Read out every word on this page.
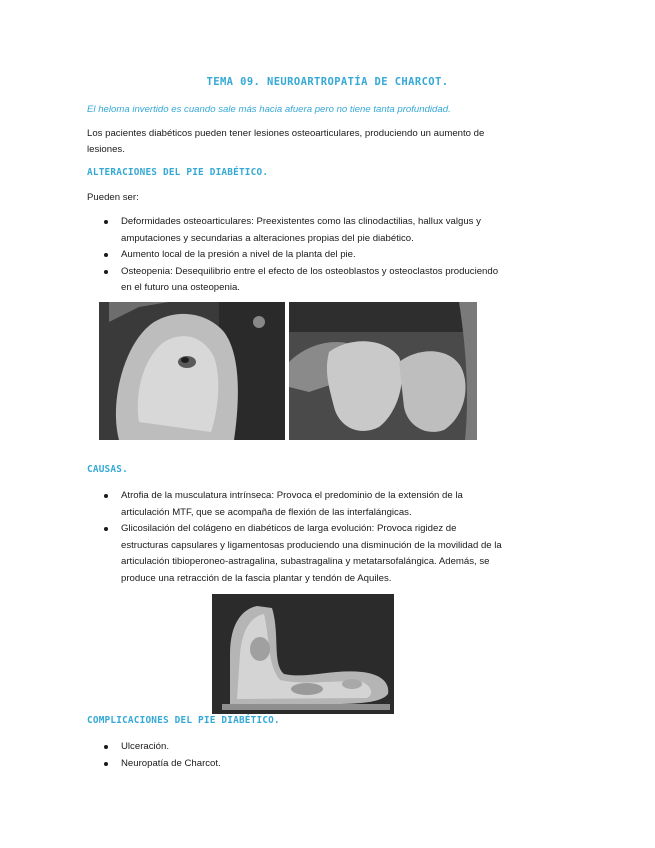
TEMA 09. NEUROARTROPATÍA DE CHARCOT.

El heloma invertido es cuando sale más hacia afuera pero no tiene tanta profundidad.

Los pacientes diabéticos pueden tener lesiones osteoarticulares, produciendo un aumento de lesiones.

ALTERACIONES DEL PIE DIABÉTICO.

Pueden ser:

Deformidades osteoarticulares: Preexistentes como las clinodactilias, hallux valgus y amputaciones y secundarias a alteraciones propias del pie diabético.
Aumento local de la presión a nivel de la planta del pie.
Osteopenia: Desequilibrio entre el efecto de los osteoblastos y osteoclastos produciendo en el futuro una osteopenia.
CAUSAS.
Atrofia de la musculatura intrínseca: Provoca el predominio de la extensión de la articulación MTF, que se acompaña de flexión de las interfalángicas.
Glicosilación del colágeno en diabéticos de larga evolución: Provoca rigidez de estructuras capsulares y ligamentosas produciendo una disminución de la movilidad de la articulación tibioperoneo-astragalina, subastragalina y metatarsofalángica. Además, se produce una retracción de la fascia plantar y tendón de Aquiles.
COMPLICACIONES DEL PIE DIABÉTICO.
Ulceración.
Neuropatía de Charcot.
